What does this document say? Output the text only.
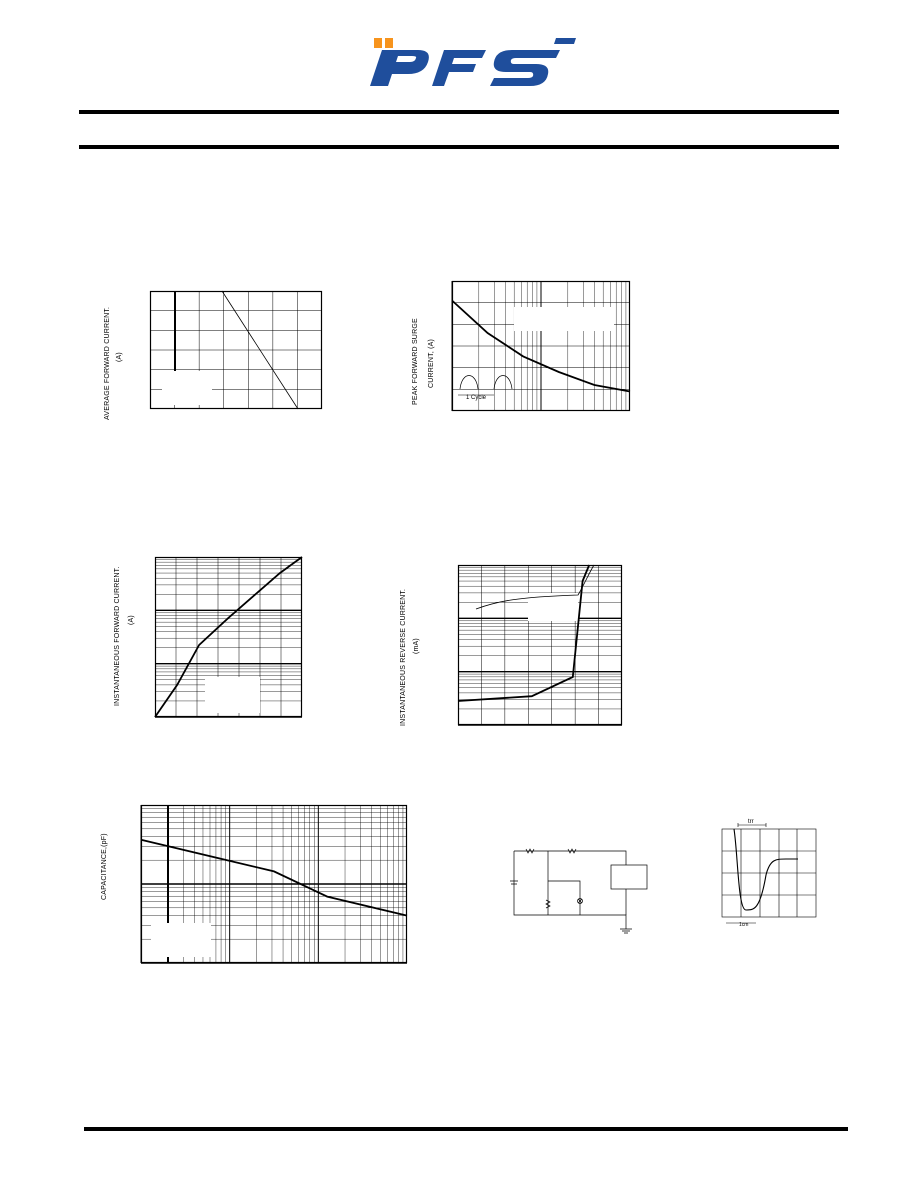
AVERAGE FORWARD CURRENT. (A)	PEAK FORWARD SURGE CURRENT, (A)
1 Cycle
INSTANTANEOUS FORWARD CURRENT. (A)	INSTANTANEOUS REVERSE CURRENT. (mA)
CAPACITANCE,(pF)
trr
1cm
